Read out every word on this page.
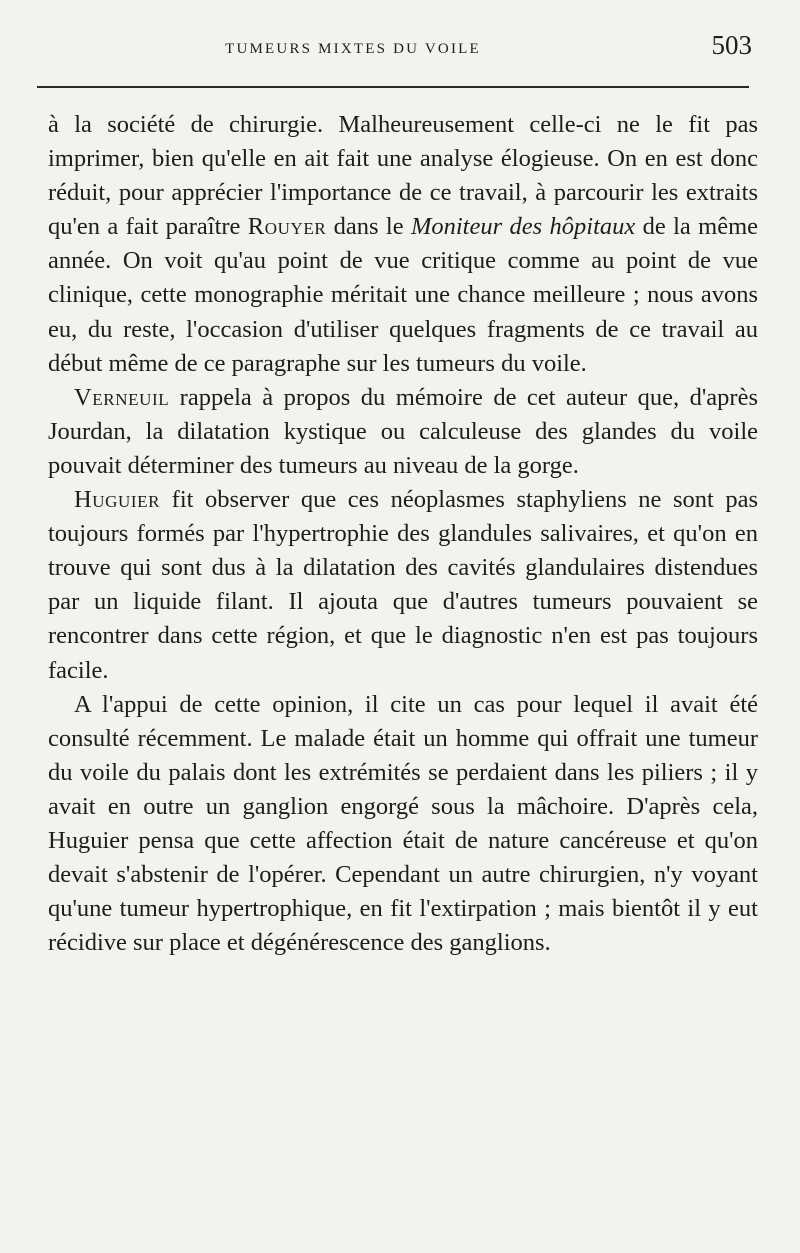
TUMEURS MIXTES DU VOILE	503

à la société de chirurgie. Malheureusement celle-ci ne le fit pas imprimer, bien qu'elle en ait fait une analyse élogieuse. On en est donc réduit, pour apprécier l'importance de ce travail, à parcourir les extraits qu'en a fait paraître Rouyer dans le Moniteur des hôpitaux de la même année. On voit qu'au point de vue critique comme au point de vue clinique, cette monographie méritait une chance meilleure ; nous avons eu, du reste, l'occasion d'utiliser quelques fragments de ce travail au début même de ce paragraphe sur les tumeurs du voile.

Verneuil rappela à propos du mémoire de cet auteur que, d'après Jourdan, la dilatation kystique ou calculeuse des glandes du voile pouvait déterminer des tumeurs au niveau de la gorge.

Huguier fit observer que ces néoplasmes staphyliens ne sont pas toujours formés par l'hypertrophie des glandules salivaires, et qu'on en trouve qui sont dus à la dilatation des cavités glandulaires distendues par un liquide filant. Il ajouta que d'autres tumeurs pouvaient se rencontrer dans cette région, et que le diagnostic n'en est pas toujours facile.

A l'appui de cette opinion, il cite un cas pour lequel il avait été consulté récemment. Le malade était un homme qui offrait une tumeur du voile du palais dont les extrémités se perdaient dans les piliers ; il y avait en outre un ganglion engorgé sous la mâchoire. D'après cela, Huguier pensa que cette affection était de nature cancéreuse et qu'on devait s'abstenir de l'opérer. Cependant un autre chirurgien, n'y voyant qu'une tumeur hypertrophique, en fit l'extirpation ; mais bientôt il y eut récidive sur place et dégénérescence des ganglions.
